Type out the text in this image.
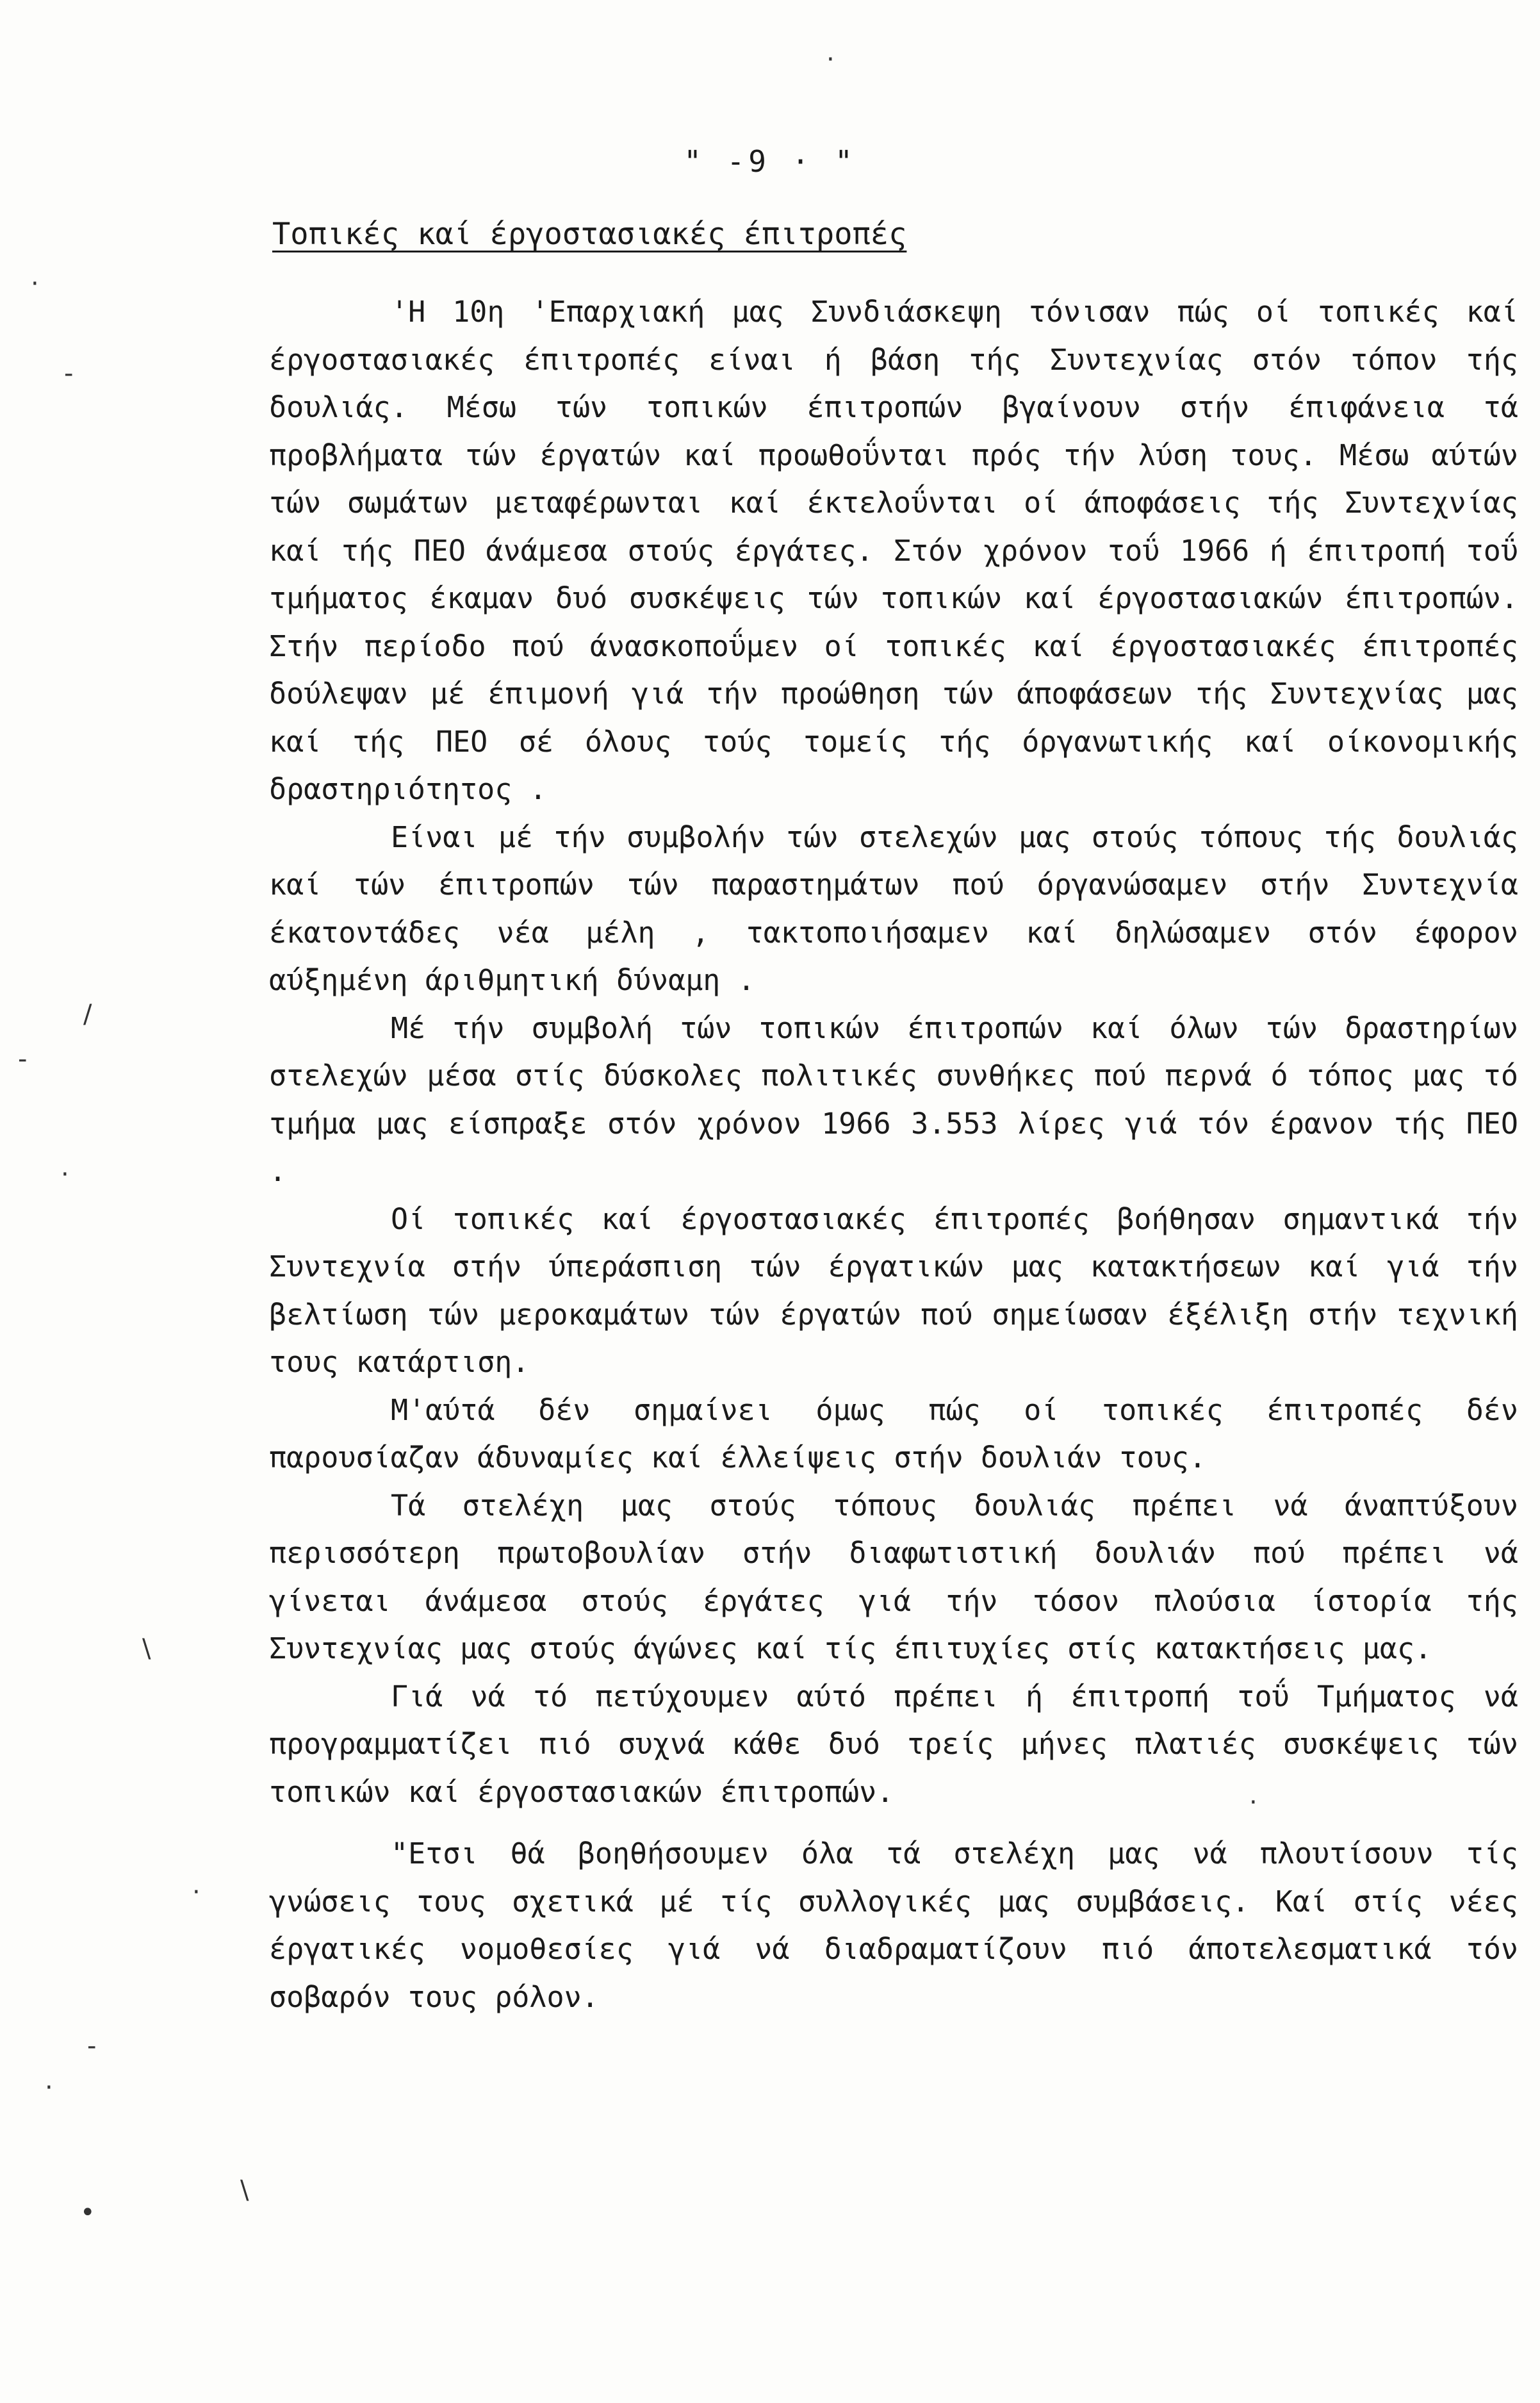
" -9 · "
Τοπικές καί έργοστασιακές έπιτροπές

'Η 10η 'Επαρχιακή μας Συνδιάσκεψη τόνισαν πώς οί τοπικές καί έργοστασιακές έπιτροπές είναι ή βάση τής Συντεχνίας στόν τόπον τής δουλιάς. Μέσω τών τοπικών έπιτροπών βγαίνουν στήν έπιφάνεια τά προβλήματα τών έργατών καί προωθοΰνται πρός τήν λύση τους. Μέσω αύτών τών σωμάτων μεταφέρωνται καί έκτελοΰνται οί άποφάσεις τής Συντεχνίας καί τής ΠΕΟ άνάμεσα στούς έργάτες. Στόν χρόνον τοΰ 1966 ή έπιτροπή τοΰ τμήματος έκαμαν δυό συσκέψεις τών τοπικών καί έργοστασιακών έπιτροπών. Στήν περίοδο πού άνασκοποΰμεν οί τοπικές καί έργοστασιακές έπιτροπές δούλεψαν μέ έπιμονή γιά τήν προώθηση τών άποφάσεων τής Συντεχνίας μας καί τής ΠΕΟ σέ όλους τούς τομείς τής όργανωτικής καί οίκονομικής δραστηριότητος .

Είναι μέ τήν συμβολήν τών στελεχών μας στούς τόπους τής δουλιάς καί τών έπιτροπών τών παραστημάτων πού όργανώσαμεν στήν Συντεχνία έκατοντάδες νέα μέλη , τακτοποιήσαμεν καί δηλώσαμεν στόν έφορον αύξημένη άριθμητική δύναμη .

Μέ τήν συμβολή τών τοπικών έπιτροπών καί όλων τών δραστηρίων στελεχών μέσα στίς δύσκολες πολιτικές συνθήκες πού περνά ό τόπος μας τό τμήμα μας είσπραξε στόν χρόνον 1966 3.553 λίρες γιά τόν έρανον τής ΠΕΟ .

Οί τοπικές καί έργοστασιακές έπιτροπές βοήθησαν σημαντικά τήν Συντεχνία στήν ύπεράσπιση τών έργατικών μας κατακτήσεων καί γιά τήν βελτίωση τών μεροκαμάτων τών έργατών πού σημείωσαν έξέλιξη στήν τεχνική τους κατάρτιση.

Μ'αύτά δέν σημαίνει όμως πώς οί τοπικές έπιτροπές δέν παρουσίαζαν άδυναμίες καί έλλείψεις στήν δουλιάν τους.

Τά στελέχη μας στούς τόπους δουλιάς πρέπει νά άναπτύξουν περισσότερη πρωτοβουλίαν στήν διαφωτιστική δουλιάν πού πρέπει νά γίνεται άνάμεσα στούς έργάτες γιά τήν τόσον πλούσια ίστορία τής Συντεχνίας μας στούς άγώνες καί τίς έπιτυχίες στίς κατακτήσεις μας.

Γιά νά τό πετύχουμεν αύτό πρέπει ή έπιτροπή τοΰ Τμήματος νά προγραμματίζει πιό συχνά κάθε δυό τρείς μήνες πλατιές συσκέψεις τών τοπικών καί έργοστασιακών έπιτροπών.

"Ετσι θά βοηθήσουμεν όλα τά στελέχη μας νά πλουτίσουν τίς γνώσεις τους σχετικά μέ τίς συλλογικές μας συμβάσεις. Καί στίς νέες έργατικές νομοθεσίες γιά νά διαδραματίζουν πιό άποτελεσματικά τόν σοβαρόν τους ρόλον.

·
-
/
-
·
\
·
-
·
•
\
·
·
